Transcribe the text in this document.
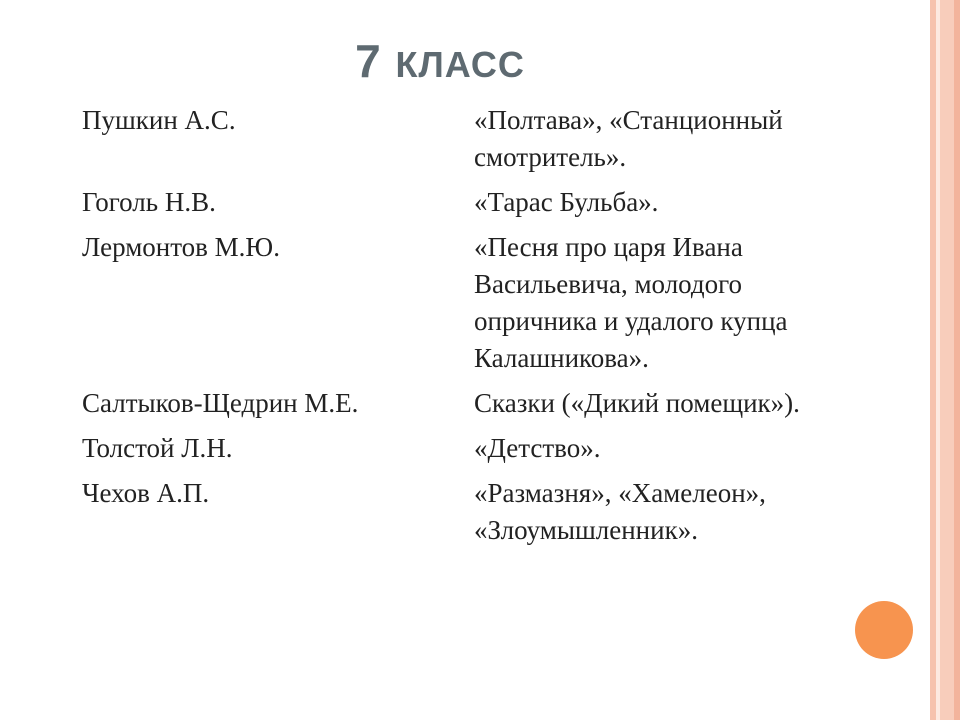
7 КЛАСС
Пушкин А.С.	«Полтава», «Станционный смотритель».
Гоголь Н.В.	«Тарас Бульба».
Лермонтов М.Ю.	«Песня про царя Ивана Васильевича, молодого опричника и удалого купца Калашникова».
Салтыков-Щедрин М.Е.	Сказки («Дикий помещик»).
Толстой Л.Н.	«Детство».
Чехов А.П.	«Размазня», «Хамелеон», «Злоумышленник».
